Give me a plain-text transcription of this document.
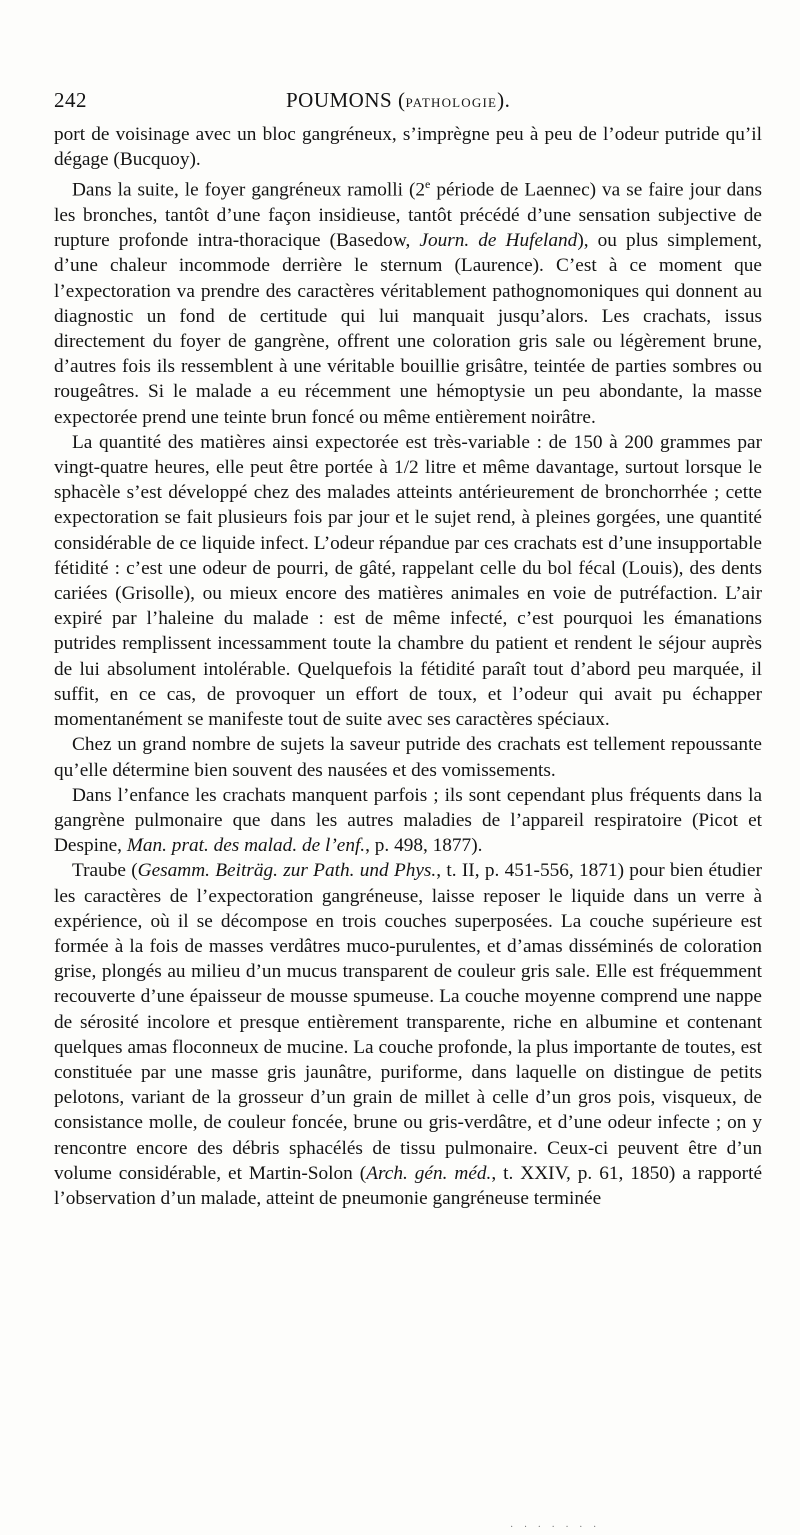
242	POUMONS (PATHOLOGIE).

port de voisinage avec un bloc gangréneux, s’imprègne peu à peu de l’odeur putride qu’il dégage (Bucquoy).

Dans la suite, le foyer gangréneux ramolli (2e période de Laennec) va se faire jour dans les bronches, tantôt d’une façon insidieuse, tantôt précédé d’une sensation subjective de rupture profonde intra-thoracique (Basedow, Journ. de Hufeland), ou plus simplement, d’une chaleur incommode derrière le sternum (Laurence). C’est à ce moment que l’expectoration va prendre des caractères véritablement pathognomoniques qui donnent au diagnostic un fond de certitude qui lui manquait jusqu’alors. Les crachats, issus directement du foyer de gangrène, offrent une coloration gris sale ou légèrement brune, d’autres fois ils ressemblent à une véritable bouillie grisâtre, teintée de parties sombres ou rougeâtres. Si le malade a eu récemment une hémoptysie un peu abondante, la masse expectorée prend une teinte brun foncé ou même entièrement noirâtre.

La quantité des matières ainsi expectorée est très-variable : de 150 à 200 grammes par vingt-quatre heures, elle peut être portée à 1/2 litre et même davantage, surtout lorsque le sphacèle s’est développé chez des malades atteints antérieurement de bronchorrhée ; cette expectoration se fait plusieurs fois par jour et le sujet rend, à pleines gorgées, une quantité considérable de ce liquide infect. L’odeur répandue par ces crachats est d’une insupportable fétidité : c’est une odeur de pourri, de gâté, rappelant celle du bol fécal (Louis), des dents cariées (Grisolle), ou mieux encore des matières animales en voie de putréfaction. L’air expiré par l’haleine du malade : est de même infecté, c’est pourquoi les émanations putrides remplissent incessamment toute la chambre du patient et rendent le séjour auprès de lui absolument intolérable. Quelquefois la fétidité paraît tout d’abord peu marquée, il suffit, en ce cas, de provoquer un effort de toux, et l’odeur qui avait pu échapper momentanément se manifeste tout de suite avec ses caractères spéciaux.

Chez un grand nombre de sujets la saveur putride des crachats est tellement repoussante qu’elle détermine bien souvent des nausées et des vomissements.

Dans l’enfance les crachats manquent parfois ; ils sont cependant plus fréquents dans la gangrène pulmonaire que dans les autres maladies de l’appareil respiratoire (Picot et Despine, Man. prat. des malad. de l’enf., p. 498, 1877).

Traube (Gesamm. Beiträg. zur Path. und Phys., t. II, p. 451-556, 1871) pour bien étudier les caractères de l’expectoration gangréneuse, laisse reposer le liquide dans un verre à expérience, où il se décompose en trois couches superposées. La couche supérieure est formée à la fois de masses verdâtres muco-purulentes, et d’amas disséminés de coloration grise, plongés au milieu d’un mucus transparent de couleur gris sale. Elle est fréquemment recouverte d’une épaisseur de mousse spumeuse. La couche moyenne comprend une nappe de sérosité incolore et presque entièrement transparente, riche en albumine et contenant quelques amas floconneux de mucine. La couche profonde, la plus importante de toutes, est constituée par une masse gris jaunâtre, puriforme, dans laquelle on distingue de petits pelotons, variant de la grosseur d’un grain de millet à celle d’un gros pois, visqueux, de consistance molle, de couleur foncée, brune ou gris-verdâtre, et d’une odeur infecte ; on y rencontre encore des débris sphacélés de tissu pulmonaire. Ceux-ci peuvent être d’un volume considérable, et Martin-Solon (Arch. gén. méd., t. XXIV, p. 61, 1850) a rapporté l’observation d’un malade, atteint de pneumonie gangréneuse terminée

· · · · · · ·
